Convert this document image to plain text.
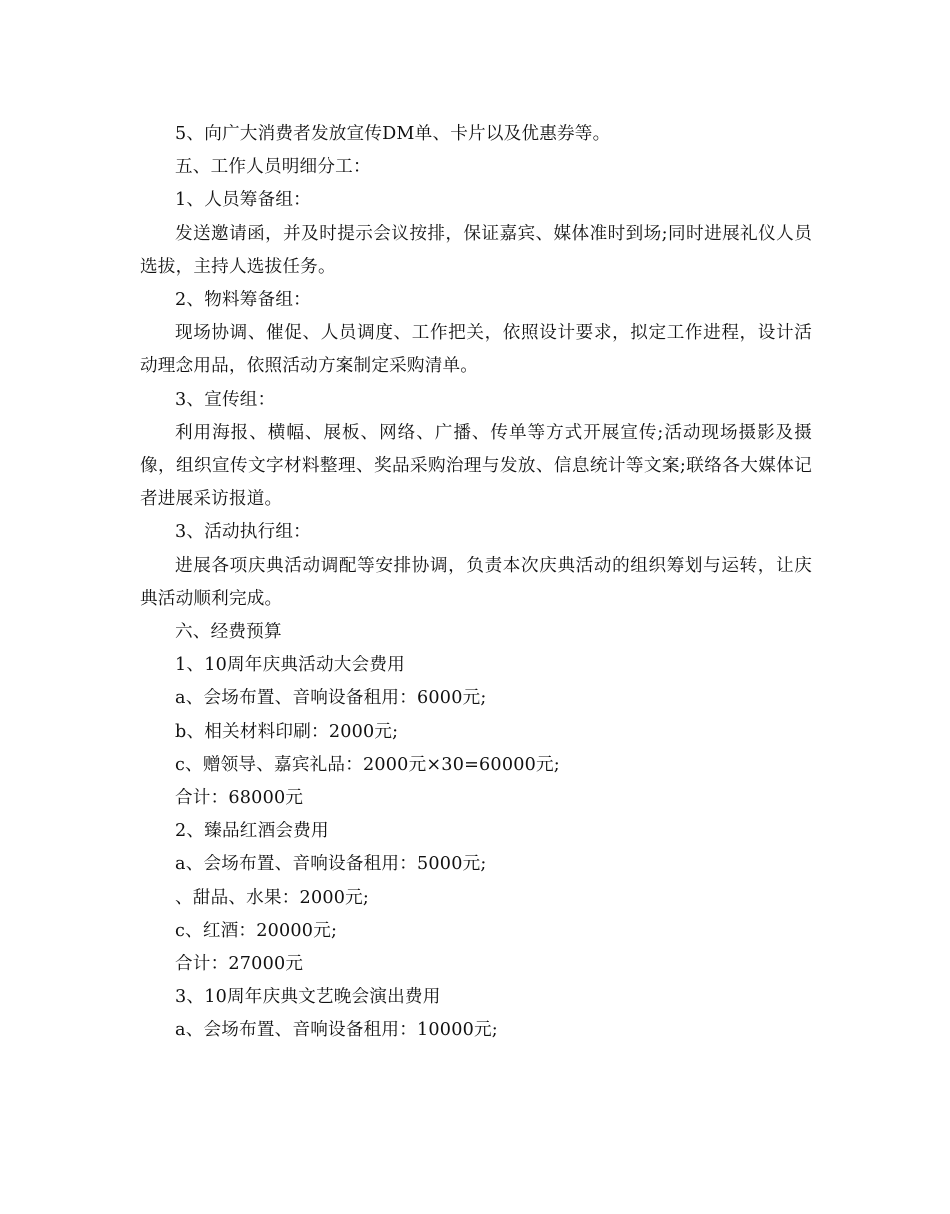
5、向广大消费者发放宣传DM单、卡片以及优惠券等。
五、工作人员明细分工：
1、人员筹备组：
发送邀请函，并及时提示会议按排，保证嘉宾、媒体准时到场;同时进展礼仪人员选拔，主持人选拔任务。
2、物料筹备组：
现场协调、催促、人员调度、工作把关，依照设计要求，拟定工作进程，设计活动理念用品，依照活动方案制定采购清单。
3、宣传组：
利用海报、横幅、展板、网络、广播、传单等方式开展宣传;活动现场摄影及摄像，组织宣传文字材料整理、奖品采购治理与发放、信息统计等文案;联络各大媒体记者进展采访报道。
3、活动执行组：
进展各项庆典活动调配等安排协调，负责本次庆典活动的组织筹划与运转，让庆典活动顺利完成。
六、经费预算
1、10周年庆典活动大会费用
a、会场布置、音响设备租用：6000元;
b、相关材料印刷：2000元;
c、赠领导、嘉宾礼品：2000元×30=60000元;
合计：68000元
2、臻品红酒会费用
a、会场布置、音响设备租用：5000元;
、甜品、水果：2000元;
c、红酒：20000元;
合计：27000元
3、10周年庆典文艺晚会演出费用
a、会场布置、音响设备租用：10000元;
